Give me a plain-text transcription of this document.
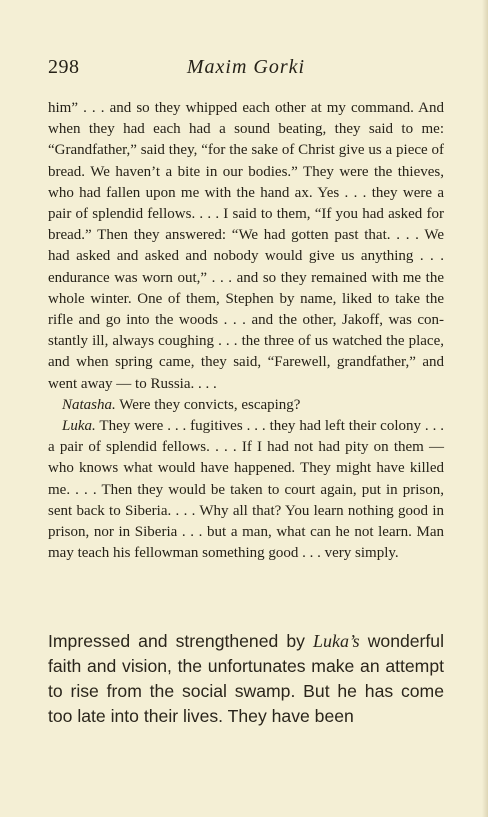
298	Maxim Gorki

him” . . . and so they whipped each other at my command. And when they had each had a sound beating, they said to me: “Grandfather,” said they, “for the sake of Christ give us a piece of bread. We haven’t a bite in our bodies.” They were the thieves, who had fallen upon me with the hand ax. Yes . . . they were a pair of splendid fellows. . . . I said to them, “If you had asked for bread.” Then they answered: “We had gotten past that. . . . We had asked and asked and nobody would give us anything . . . endurance was worn out,” . . . and so they remained with me the whole winter. One of them, Stephen by name, liked to take the rifle and go into the woods . . . and the other, Jakoff, was constantly ill, always coughing . . . the three of us watched the place, and when spring came, they said, “Farewell, grandfather,” and went away — to Russia. . . .

Natasha. Were they convicts, escaping?

Luka. They were . . . fugitives . . . they had left their colony . . . a pair of splendid fellows. . . . If I had not had pity on them — who knows what would have happened. They might have killed me. . . . Then they would be taken to court again, put in prison, sent back to Siberia. . . . Why all that? You learn nothing good in prison, nor in Siberia . . . but a man, what can he not learn. Man may teach his fellowman something good . . . very simply.

Impressed and strengthened by Luka’s wonderful faith and vision, the unfortunates make an attempt to rise from the social swamp. But he has come too late into their lives. They have been
